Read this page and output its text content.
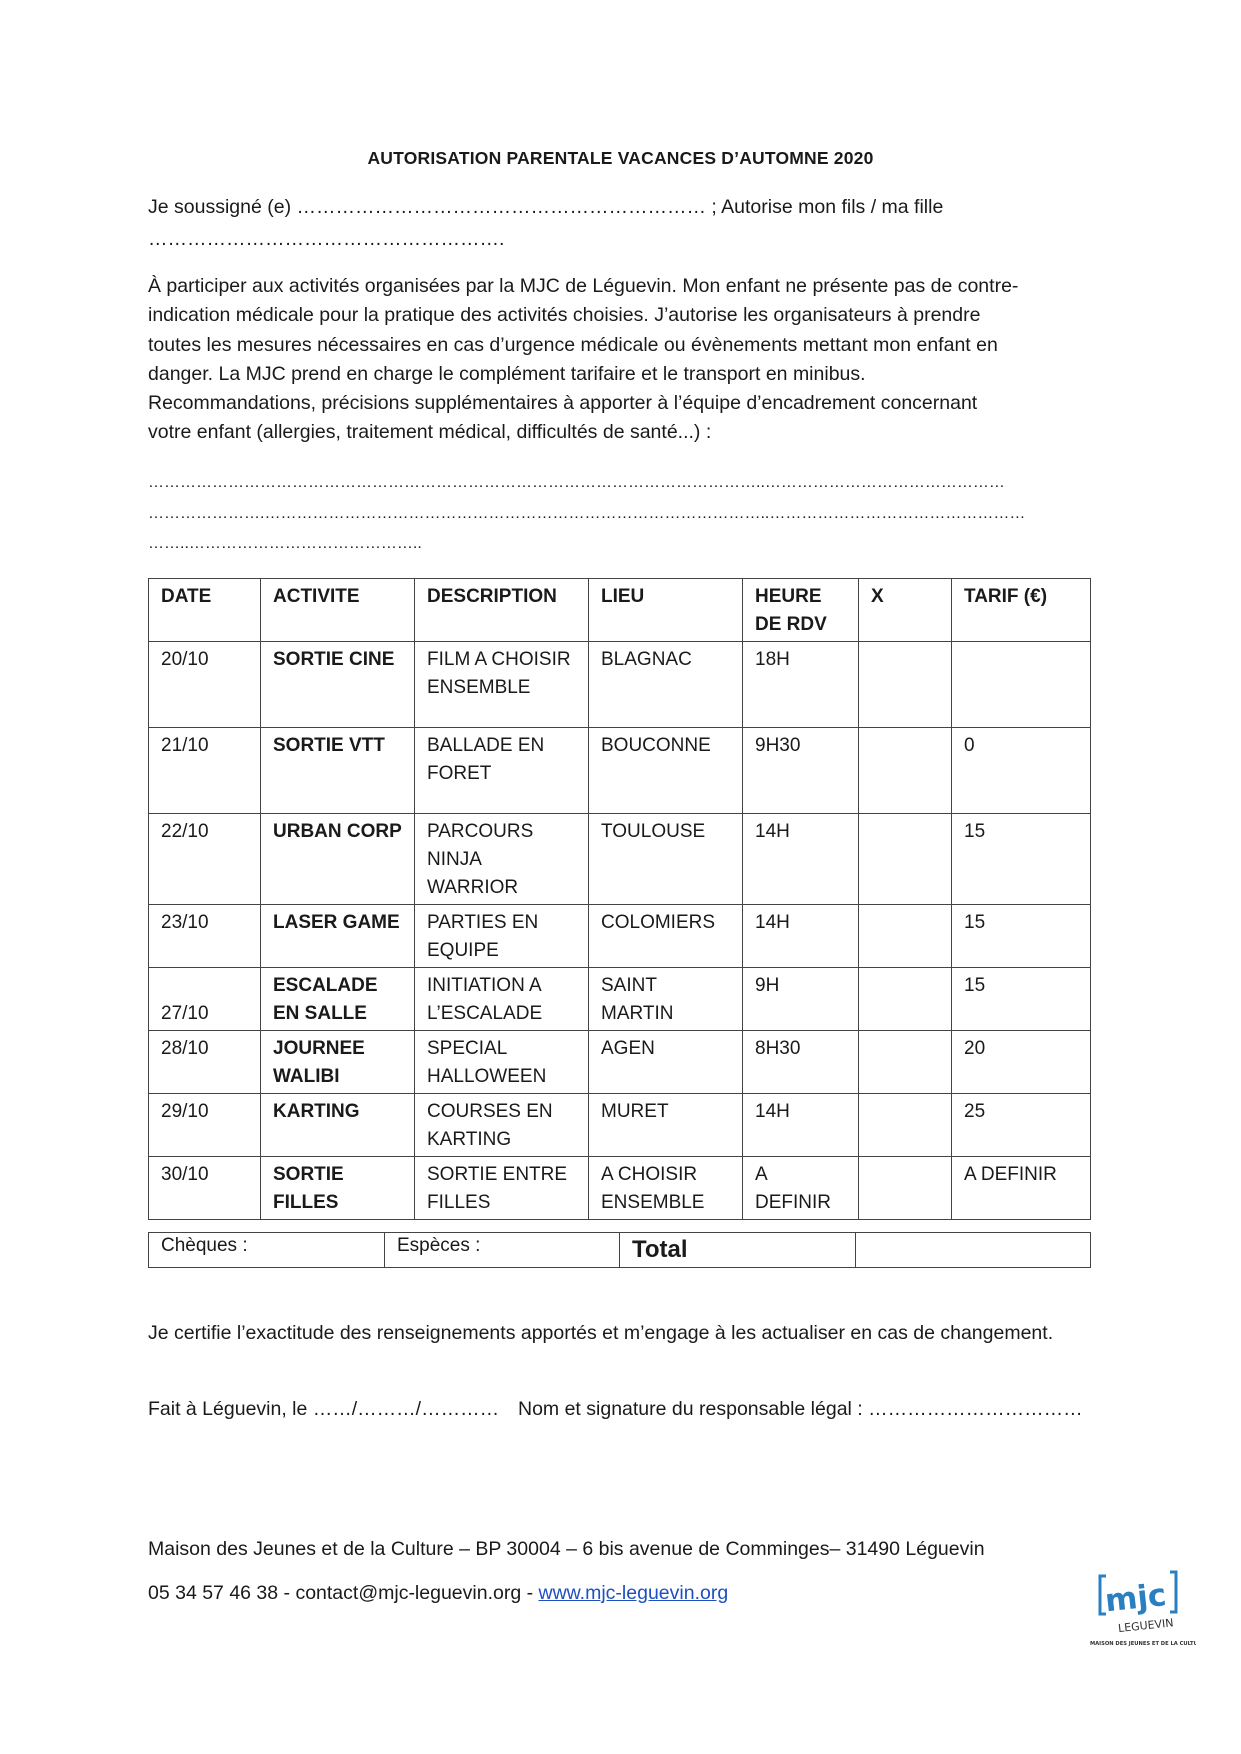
AUTORISATION PARENTALE VACANCES D’AUTOMNE 2020
Je soussigné (e) ……………………………………………………… ; Autorise mon fils / ma fille
……………………………………………….

À participer aux activités organisées par la MJC de Léguevin. Mon enfant ne présente pas de contre-

indication médicale pour la pratique des activités choisies. J’autorise les organisateurs à prendre

toutes les mesures nécessaires en cas d’urgence médicale ou évènements mettant mon enfant en

danger. La MJC prend en charge le complément tarifaire et le transport en minibus.

Recommandations, précisions supplémentaires à apporter à l’équipe d’encadrement concernant

votre enfant (allergies, traitement médical, difficultés de santé...) :

……………………………………………………………………………………………………..………………………………………
………………….…………………………………………………………………………………..…………………………………………
……..……………………………………..
DATE	ACTIVITE	DESCRIPTION	LIEU	HEURE DE RDV	X	TARIF (€)
20/10	SORTIE CINE	FILM A CHOISIR ENSEMBLE	BLAGNAC	18H		
21/10	SORTIE VTT	BALLADE EN FORET	BOUCONNE	9H30		0
22/10	URBAN CORP	PARCOURS NINJA WARRIOR	TOULOUSE	14H		15
23/10	LASER GAME	PARTIES EN EQUIPE	COLOMIERS	14H		15
27/10	ESCALADE EN SALLE	INITIATION A L’ESCALADE	SAINT MARTIN	9H		15
28/10	JOURNEE WALIBI	SPECIAL HALLOWEEN	AGEN	8H30		20
29/10	KARTING	COURSES EN KARTING	MURET	14H		25
30/10	SORTIE FILLES	SORTIE ENTRE FILLES	A CHOISIR ENSEMBLE	A DEFINIR		A DEFINIR
Chèques :	Espèces :	Total	
Je certifie l’exactitude des renseignements apportés et m’engage à les actualiser en cas de changement.
Fait à Léguevin, le ……/………/………… Nom et signature du responsable légal : ……………………………
Maison des Jeunes et de la Culture – BP 30004 – 6 bis avenue de Comminges– 31490 Léguevin
05 34 57 46 38 - contact@mjc-leguevin.org - www.mjc-leguevin.org	mjc
LEGUEVIN
MAISON DES JEUNES ET DE LA CULTURE
